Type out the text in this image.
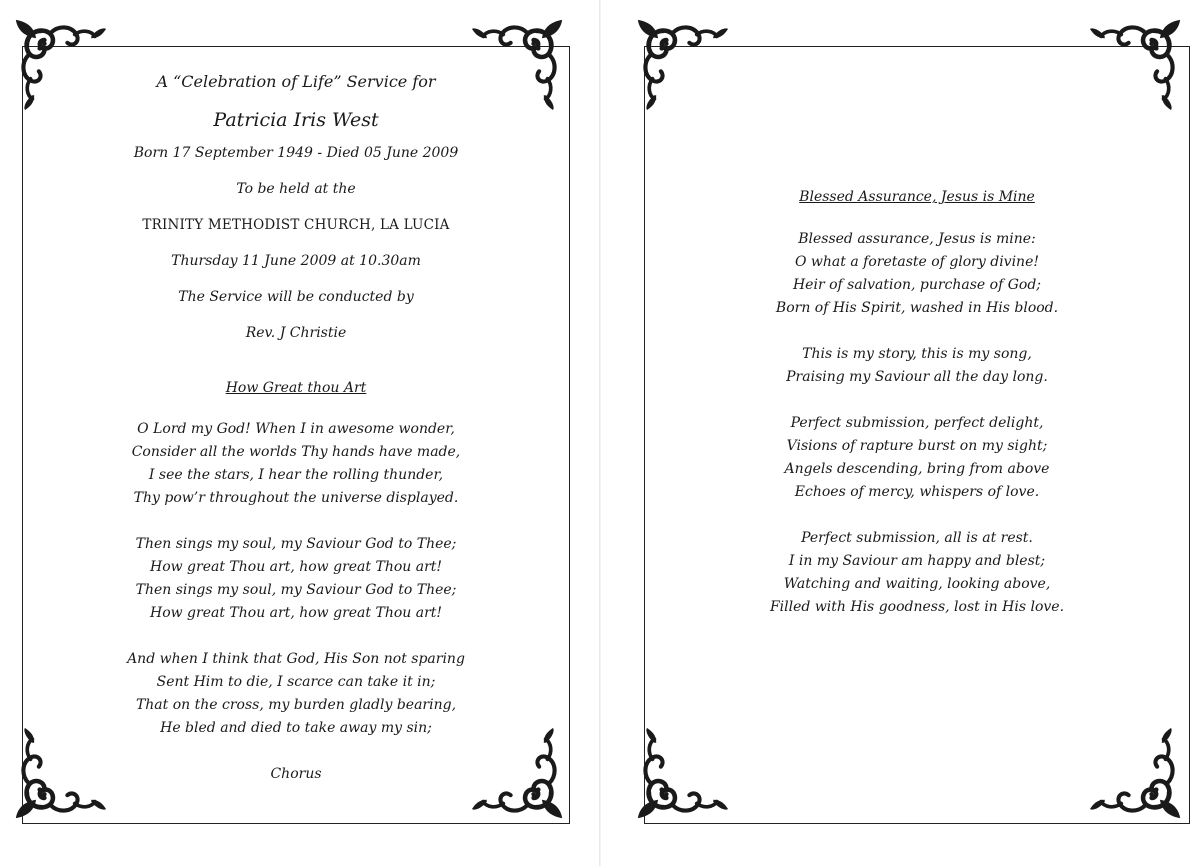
A “Celebration of Life” Service for
Patricia Iris West
Born 17 September 1949 - Died 05 June 2009
To be held at the
TRINITY METHODIST CHURCH, LA LUCIA
Thursday 11 June 2009 at 10.30am
The Service will be conducted by
Rev. J Christie
How Great thou Art
O Lord my God! When I in awesome wonder,
Consider all the worlds Thy hands have made,
I see the stars, I hear the rolling thunder,
Thy pow’r throughout the universe displayed.
Then sings my soul, my Saviour God to Thee;
How great Thou art, how great Thou art!
Then sings my soul, my Saviour God to Thee;
How great Thou art, how great Thou art!
And when I think that God, His Son not sparing
Sent Him to die, I scarce can take it in;
That on the cross, my burden gladly bearing,
He bled and died to take away my sin;
Chorus
Blessed Assurance, Jesus is Mine
Blessed assurance, Jesus is mine:
O what a foretaste of glory divine!
Heir of salvation, purchase of God;
Born of His Spirit, washed in His blood.
This is my story, this is my song,
Praising my Saviour all the day long.
Perfect submission, perfect delight,
Visions of rapture burst on my sight;
Angels descending, bring from above
Echoes of mercy, whispers of love.
Perfect submission, all is at rest.
I in my Saviour am happy and blest;
Watching and waiting, looking above,
Filled with His goodness, lost in His love.
